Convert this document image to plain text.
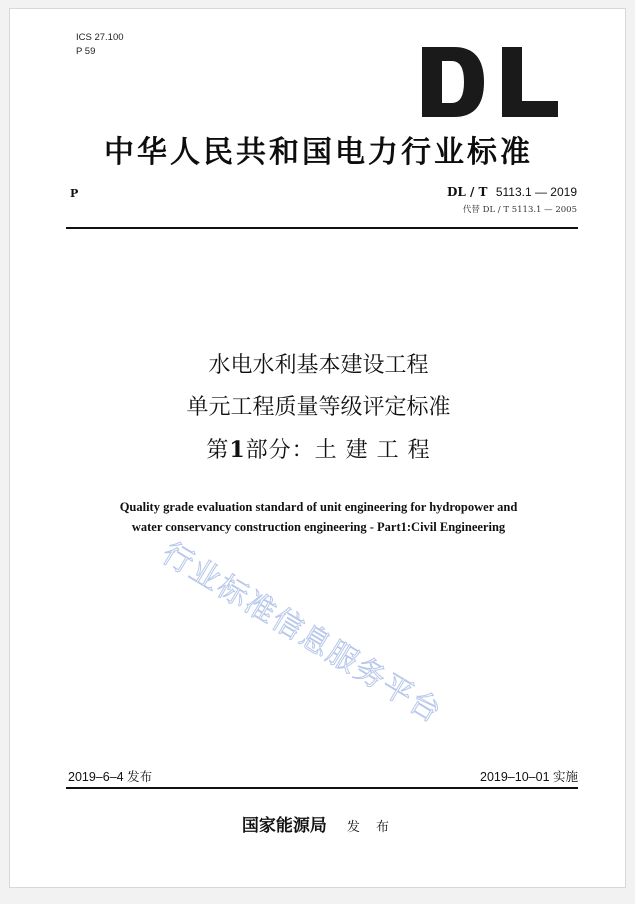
ICS 27.100
P 59
DL
中华人民共和国电力行业标准
P	DL / T 5113.1 — 2019
代替 DL / T 5113.1 — 2005
水电水利基本建设工程
单元工程质量等级评定标准
第1部分：土 建 工 程
Quality grade evaluation standard of unit engineering for hydropower and
water conservancy construction engineering - Part1:Civil Engineering
行业标准信息服务平台
2019–6–4 发布	2019–10–01 实施
国家能源局 发 布
